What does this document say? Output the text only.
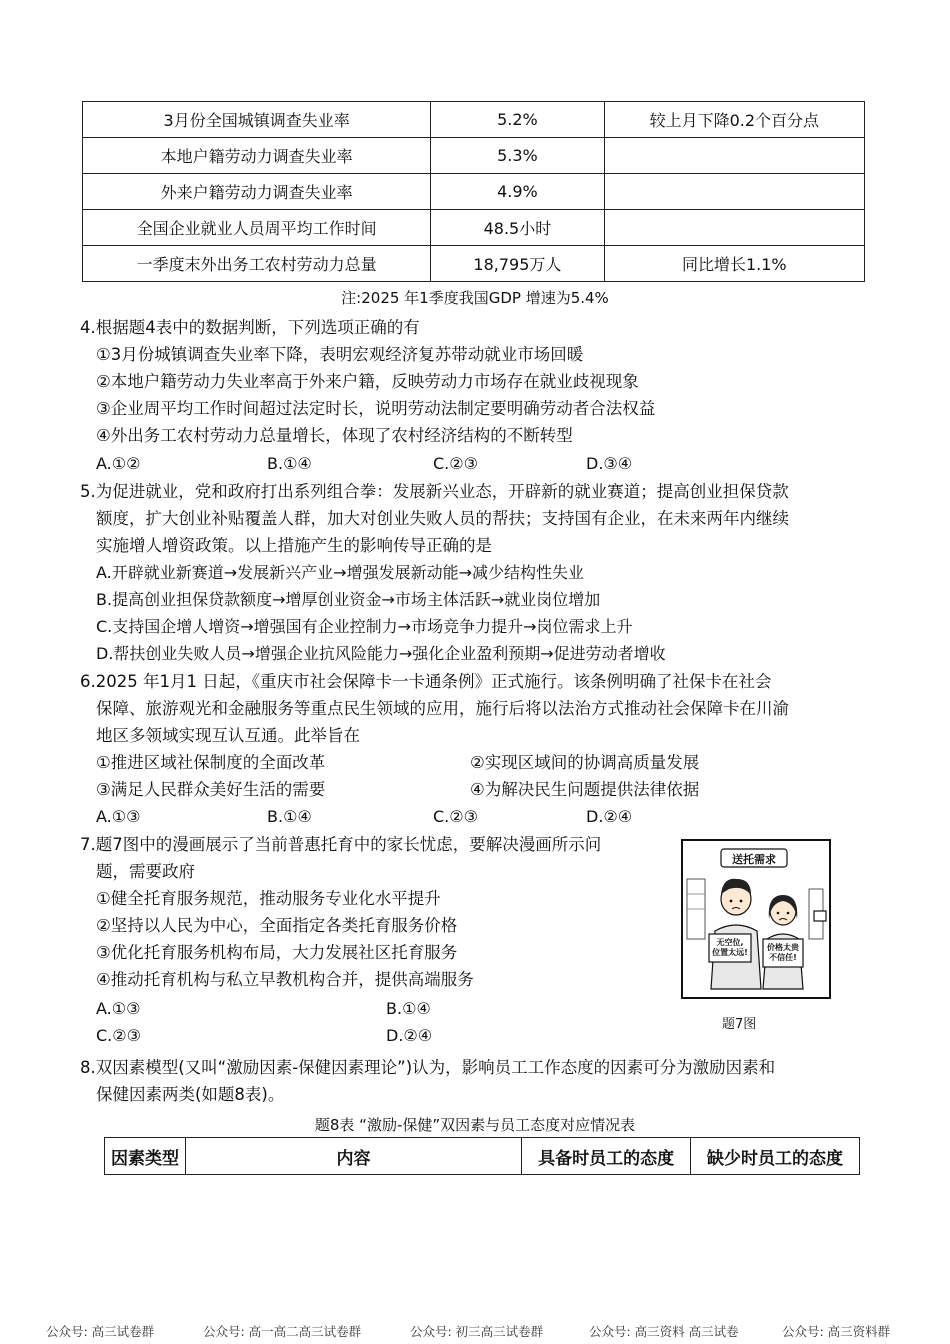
3月份全国城镇调查失业率	5.2%	较上月下降0.2个百分点
本地户籍劳动力调查失业率	5.3%	
外来户籍劳动力调查失业率	4.9%	
全国企业就业人员周平均工作时间	48.5小时	
一季度末外出务工农村劳动力总量	18,795万人	同比增长1.1%
注:2025 年1季度我国GDP 增速为5.4%
4.根据题4表中的数据判断，下列选项正确的有
①3月份城镇调查失业率下降，表明宏观经济复苏带动就业市场回暖
②本地户籍劳动力失业率高于外来户籍，反映劳动力市场存在就业歧视现象
③企业周平均工作时间超过法定时长，说明劳动法制定要明确劳动者合法权益
④外出务工农村劳动力总量增长，体现了农村经济结构的不断转型
A.①②	B.①④	C.②③	D.③④
5.为促进就业，党和政府打出系列组合拳：发展新兴业态，开辟新的就业赛道；提高创业担保贷款
额度，扩大创业补贴覆盖人群，加大对创业失败人员的帮扶；支持国有企业，在未来两年内继续
实施增人增资政策。以上措施产生的影响传导正确的是
A.开辟就业新赛道→发展新兴产业→增强发展新动能→减少结构性失业
B.提高创业担保贷款额度→增厚创业资金→市场主体活跃→就业岗位增加
C.支持国企增人增资→增强国有企业控制力→市场竞争力提升→岗位需求上升
D.帮扶创业失败人员→增强企业抗风险能力→强化企业盈利预期→促进劳动者增收
6.2025 年1月1 日起，《重庆市社会保障卡一卡通条例》正式施行。该条例明确了社保卡在社会
保障、旅游观光和金融服务等重点民生领域的应用，施行后将以法治方式推动社会保障卡在川渝
地区多领域实现互认互通。此举旨在
①推进区域社保制度的全面改革	②实现区域间的协调高质量发展
③满足人民群众美好生活的需要	④为解决民生问题提供法律依据
A.①③	B.①④	C.②③	D.②④
7.题7图中的漫画展示了当前普惠托育中的家长忧虑，要解决漫画所示问
题，需要政府
①健全托育服务规范，推动服务专业化水平提升
②坚持以人民为中心，全面指定各类托育服务价格
③优化托育服务机构布局，大力发展社区托育服务
④推动托育机构与私立早教机构合并，提供高端服务
A.①③	B.①④
C.②③	D.②④
送托需求
无空位,
位置太远!
价格太贵
不信任!
题7图
8.双因素模型(又叫“激励因素-保健因素理论”)认为，影响员工工作态度的因素可分为激励因素和
保健因素两类(如题8表)。
题8表 “激励-保健”双因素与员工态度对应情况表
因素类型	内容	具备时员工的态度	缺少时员工的态度
公众号: 高三试卷群	公众号: 高一高二高三试卷群	公众号: 初三高三试卷群	公众号: 高三资料 高三试卷	公众号: 高三资料群
